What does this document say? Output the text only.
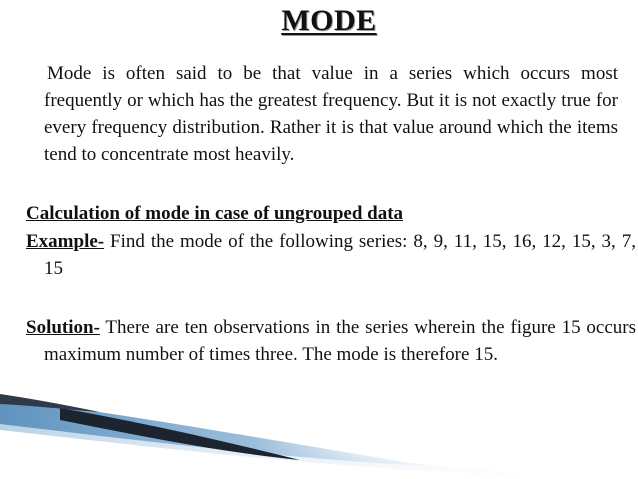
MODE
Mode is often said to be that value in a series which occurs most frequently or which has the greatest frequency. But it is not exactly true for every frequency distribution. Rather it is that value around which the items tend to concentrate most heavily.
Calculation of mode in case of ungrouped data
Example- Find the mode of the following series: 8, 9, 11, 15, 16, 12, 15, 3, 7, 15
Solution- There are ten observations in the series wherein the figure 15 occurs maximum number of times three. The mode is therefore 15.
